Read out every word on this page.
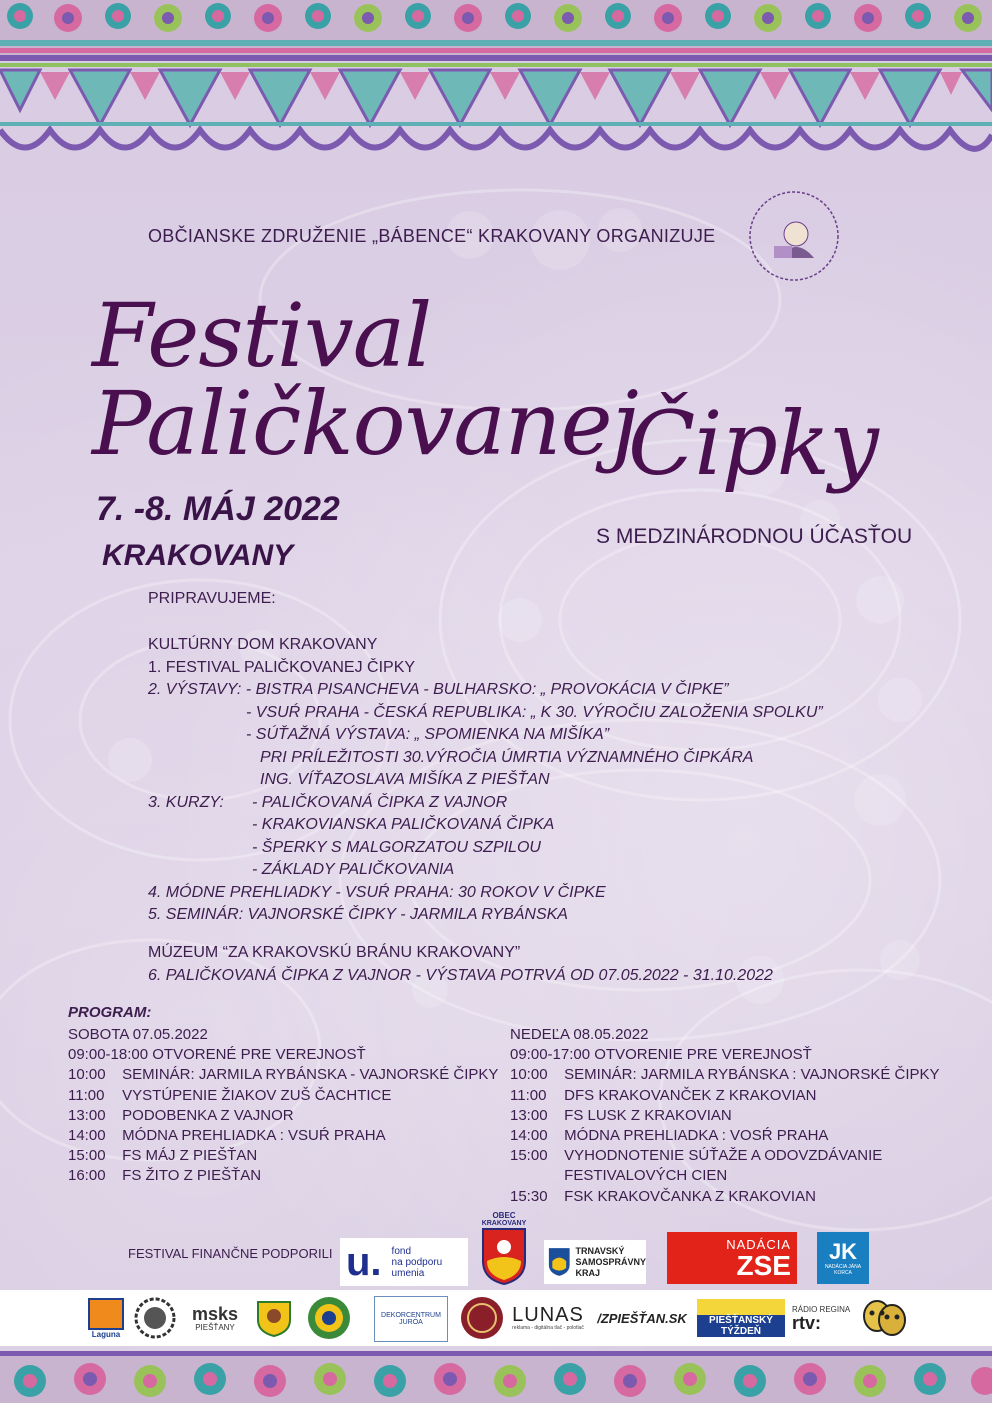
OBČIANSKE ZDRUŽENIE „BÁBENCE“ KRAKOVANY ORGANIZUJE
Festival Paličkovanej
Čipky
7. -8. MÁJ 2022
KRAKOVANY
S MEDZINÁRODNOU ÚČASŤOU
PRIPRAVUJEME:
KULTÚRNY DOM KRAKOVANY
1. FESTIVAL PALIČKOVANEJ ČIPKY
2. VÝSTAVY: - BISTRA PISANCHEVA - BULHARSKO: „ PROVOKÁCIA V ČIPKE”
- VSUŔ PRAHA - ČESKÁ REPUBLIKA: „ K 30. VÝROČIU ZALOŽENIA SPOLKU”
- SÚŤAŽNÁ VÝSTAVA: „ SPOMIENKA NA MIŠÍKA”
PRI PRÍLEŽITOSTI 30.VÝROČIA ÚMRTIA VÝZNAMNÉHO ČIPKÁRA
ING. VÍŤAZOSLAVA MIŠÍKA Z PIEŠŤAN
3. KURZY: - PALIČKOVANÁ ČIPKA Z VAJNOR
- KRAKOVIANSKA PALIČKOVANÁ ČIPKA
- ŠPERKY S MALGORZATOU SZPILOU
- ZÁKLADY PALIČKOVANIA
4. MÓDNE PREHLIADKY - VSUŔ PRAHA: 30 ROKOV V ČIPKE
5. SEMINÁR: VAJNORSKÉ ČIPKY - JARMILA RYBÁNSKA
MÚZEUM “ZA KRAKOVSKÚ BRÁNU KRAKOVANY”
6. PALIČKOVANÁ ČIPKA Z VAJNOR - VÝSTAVA POTRVÁ OD 07.05.2022 - 31.10.2022
PROGRAM:
SOBOTA 07.05.2022
09:00-18:00 OTVORENÉ PRE VEREJNOSŤ
10:00 SEMINÁR: JARMILA RYBÁNSKA - VAJNORSKÉ ČIPKY
11:00 VYSTÚPENIE ŽIAKOV ZUŠ ČACHTICE
13:00 PODOBENKA Z VAJNOR
14:00 MÓDNA PREHLIADKA : VSUŔ PRAHA
15:00 FS MÁJ Z PIEŠŤAN
16:00 FS ŽITO Z PIEŠŤAN
NEDEĽA 08.05.2022
09:00-17:00 OTVORENIE PRE VEREJNOSŤ
10:00 SEMINÁR: JARMILA RYBÁNSKA : VAJNORSKÉ ČIPKY
11:00 DFS KRAKOVANČEK Z KRAKOVIAN
13:00 FS LUSK Z KRAKOVIAN
14:00 MÓDNA PREHLIADKA : VOSŔ PRAHA
15:00 VYHODNOTENIE SÚŤAŽE A ODOVZDÁVANIE
FESTIVALOVÝCH CIEN
15:30 FSK KRAKOVČANKA Z KRAKOVIAN
FESTIVAL FINANČNE PODPORILI u. fond
na podporu
umenia
OBEC
KRAKOVANY
TRNAVSKÝ
SAMOSPRÁVNY
KRAJ
NADÁCIA
ZSE JK
NADÁCIA JÁNA KORCA
Laguna
msks
PIEŠŤANY
DEKORCENTRUM JURÓA	LUNAS
reklama - digitálna tlač - polotlač
/ZPIEŠŤAN.SK	PIEŠŤANSKÝ TÝŽDEŇ
RÁDIO REGINA
rtv:
